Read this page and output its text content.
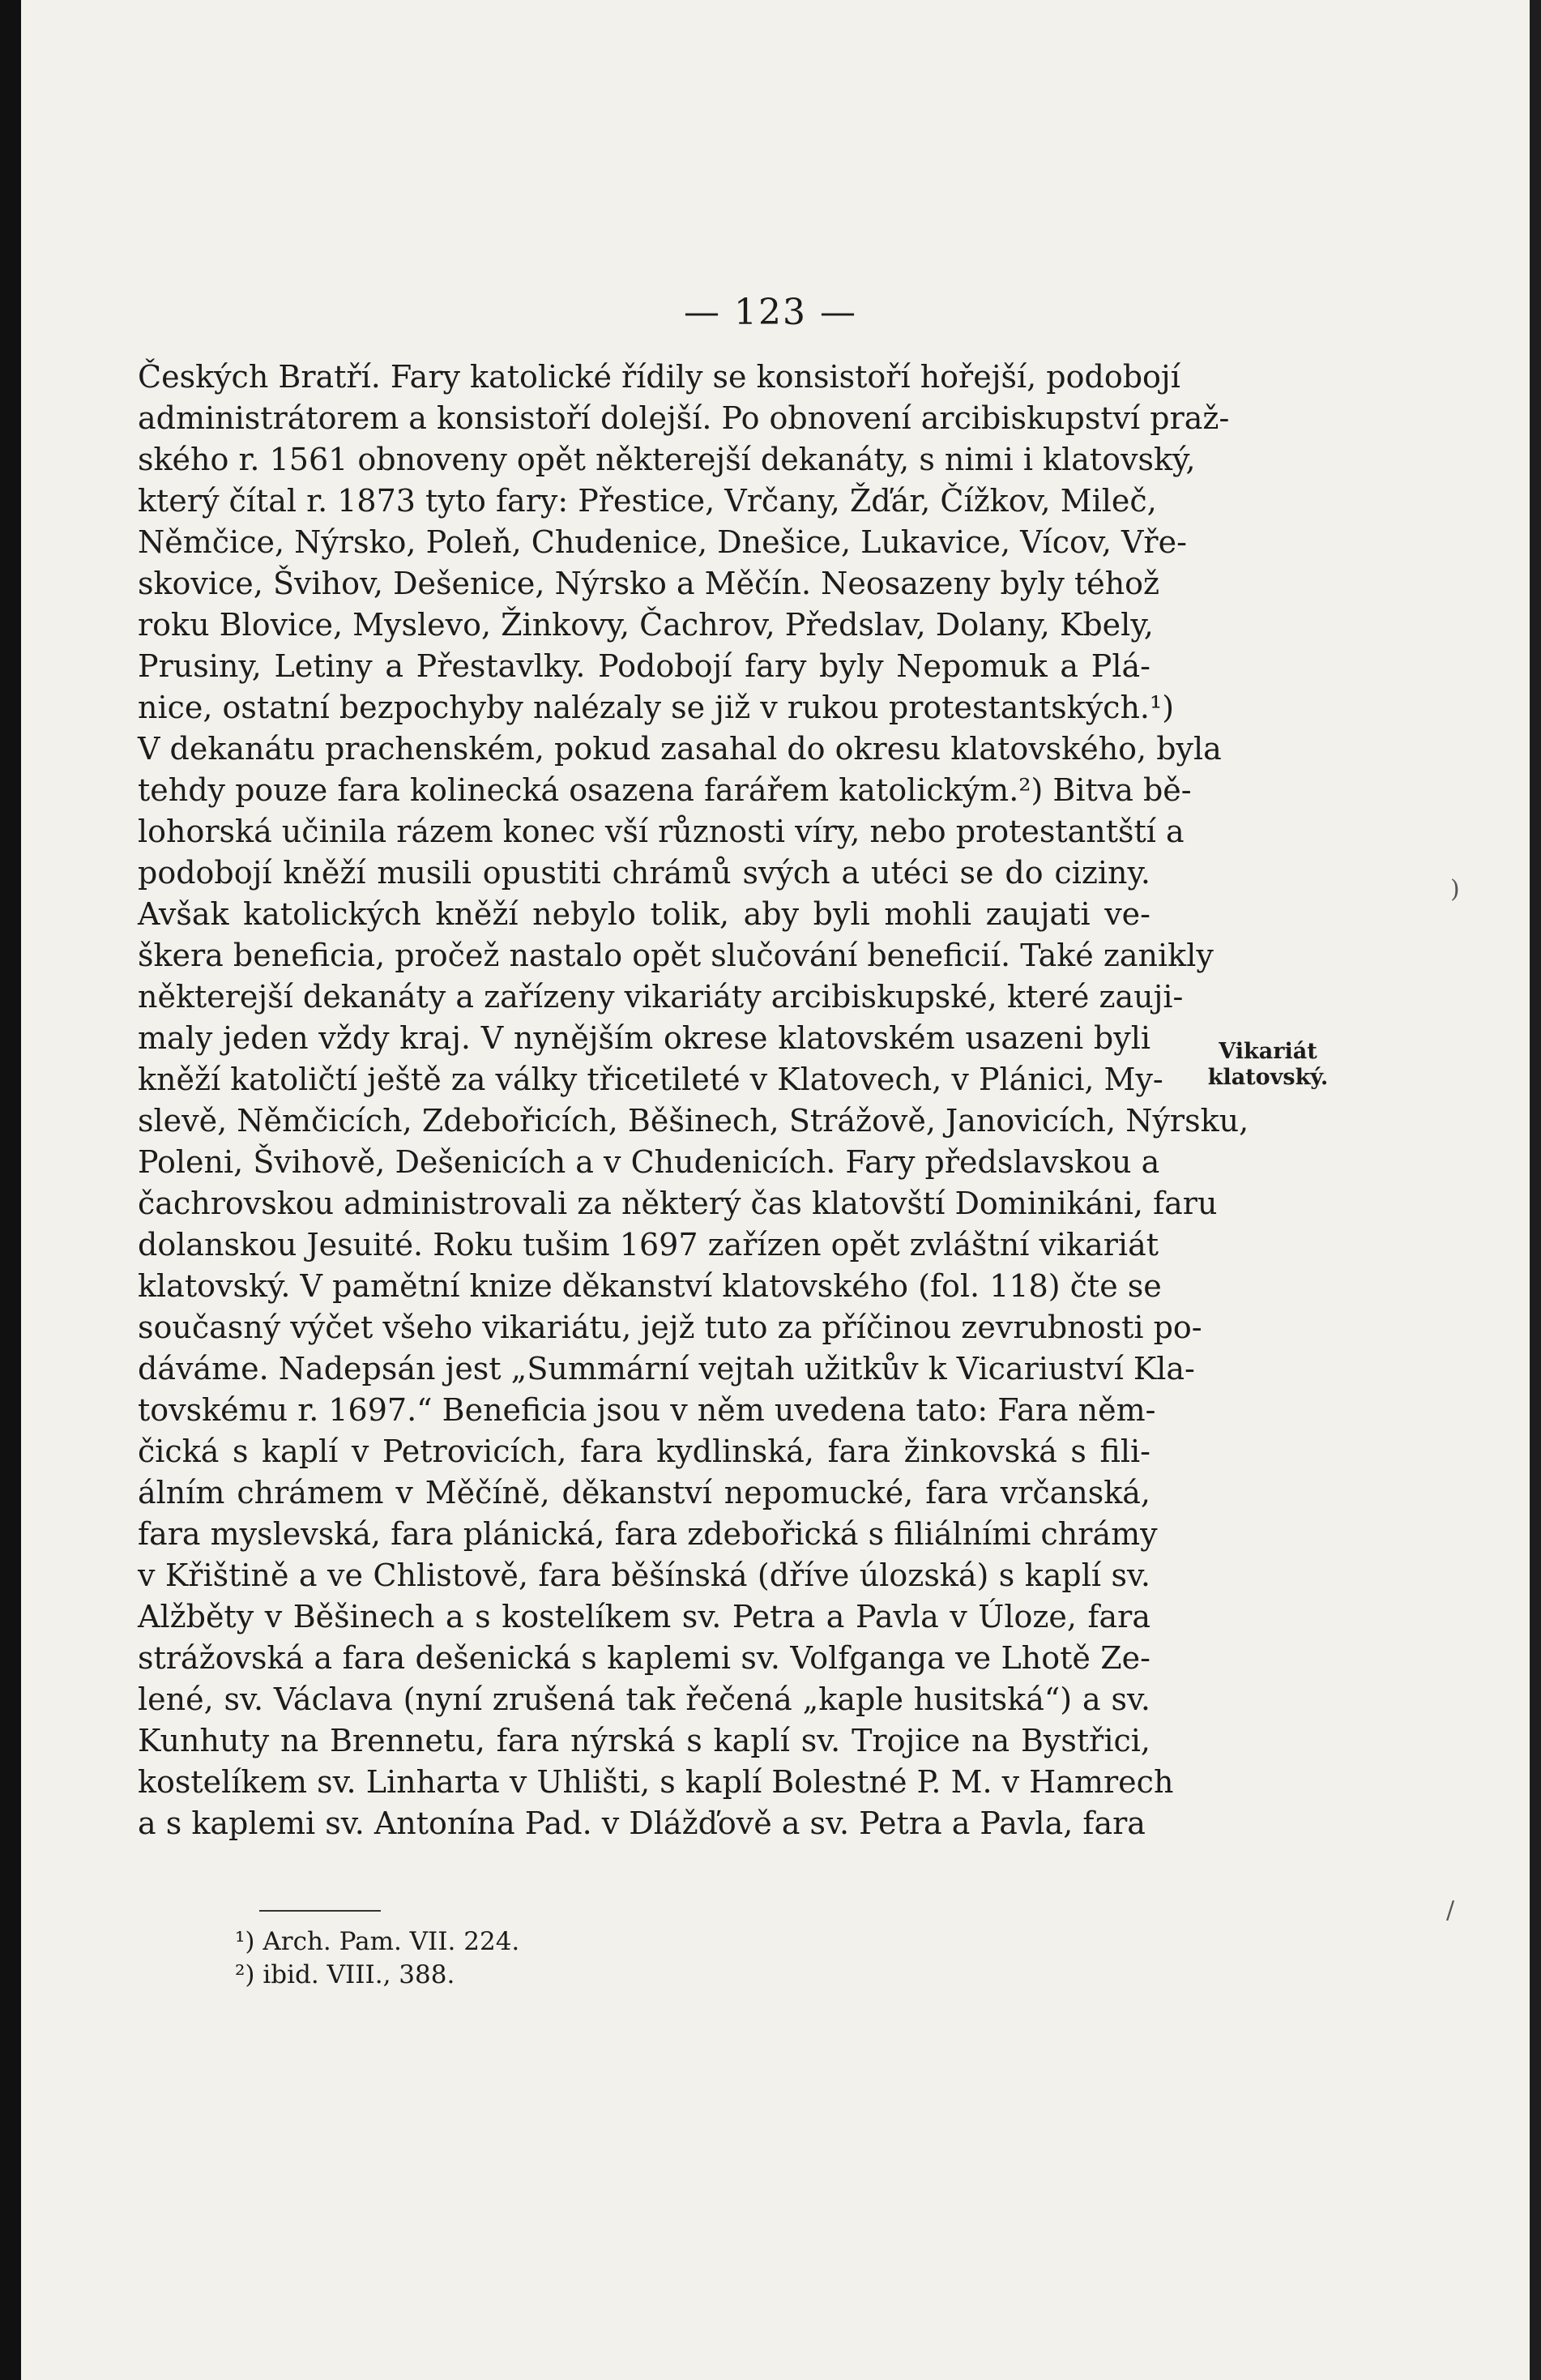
— 123 —
Českých Bratří. Fary katolické řídily se konsistoří hořejší, podobojí
administrátorem a konsistoří dolejší. Po obnovení arcibiskupství praž-
ského r. 1561 obnoveny opět některejší dekanáty, s nimi i klatovský,
který čítal r. 1873 tyto fary: Přestice, Vrčany, Žďár, Čížkov, Mileč,
Němčice, Nýrsko, Poleň, Chudenice, Dnešice, Lukavice, Vícov, Vře-
skovice, Švihov, Dešenice, Nýrsko a Měčín. Neosazeny byly téhož
roku Blovice, Myslevo, Žinkovy, Čachrov, Předslav, Dolany, Kbely,
Prusiny, Letiny a Přestavlky. Podobojí fary byly Nepomuk a Plá-
nice, ostatní bezpochyby nalézaly se již v rukou protestantských.¹)
V dekanátu prachenském, pokud zasahal do okresu klatovského, byla
tehdy pouze fara kolinecká osazena farářem katolickým.²) Bitva bě-
lohorská učinila rázem konec vší různosti víry, nebo protestantští a
podobojí kněží musili opustiti chrámů svých a utéci se do ciziny.
Avšak katolických kněží nebylo tolik, aby byli mohli zaujati ve-
škera beneficia, pročež nastalo opět slučování beneficií. Také zanikly
některejší dekanáty a zařízeny vikariáty arcibiskupské, které zauji-
maly jeden vždy kraj. V nynějším okrese klatovském usazeni byli
kněží katoličtí ještě za války třicetileté v Klatovech, v Plánici, My-
slevě, Němčicích, Zdebořicích, Běšinech, Strážově, Janovicích, Nýrsku,
Poleni, Švihově, Dešenicích a v Chudenicích. Fary předslavskou a
čachrovskou administrovali za některý čas klatovští Dominikáni, faru
dolanskou Jesuité. Roku tušim 1697 zařízen opět zvláštní vikariát
klatovský. V pamětní knize děkanství klatovského (fol. 118) čte se
současný výčet všeho vikariátu, jejž tuto za příčinou zevrubnosti po-
dáváme. Nadepsán jest „Summární vejtah užitkův k Vicariuství Kla-
tovskému r. 1697.“ Beneficia jsou v něm uvedena tato: Fara něm-
čická s kaplí v Petrovicích, fara kydlinská, fara žinkovská s fili-
álním chrámem v Měčíně, děkanství nepomucké, fara vrčanská,
fara myslevská, fara plánická, fara zdebořická s filiálními chrámy
v Křištině a ve Chlistově, fara běšínská (dříve úlozská) s kaplí sv.
Alžběty v Běšinech a s kostelíkem sv. Petra a Pavla v Úloze, fara
strážovská a fara dešenická s kaplemi sv. Volfganga ve Lhotě Ze-
lené, sv. Václava (nyní zrušená tak řečená „kaple husitská“) a sv.
Kunhuty na Brennetu, fara nýrská s kaplí sv. Trojice na Bystřici,
kostelíkem sv. Linharta v Uhlišti, s kaplí Bolestné P. M. v Hamrech
a s kaplemi sv. Antonína Pad. v Dlážďově a sv. Petra a Pavla, fara
Vikariát klatovský.
¹) Arch. Pam. VII. 224.
²) ibid. VIII., 388.
)
/
